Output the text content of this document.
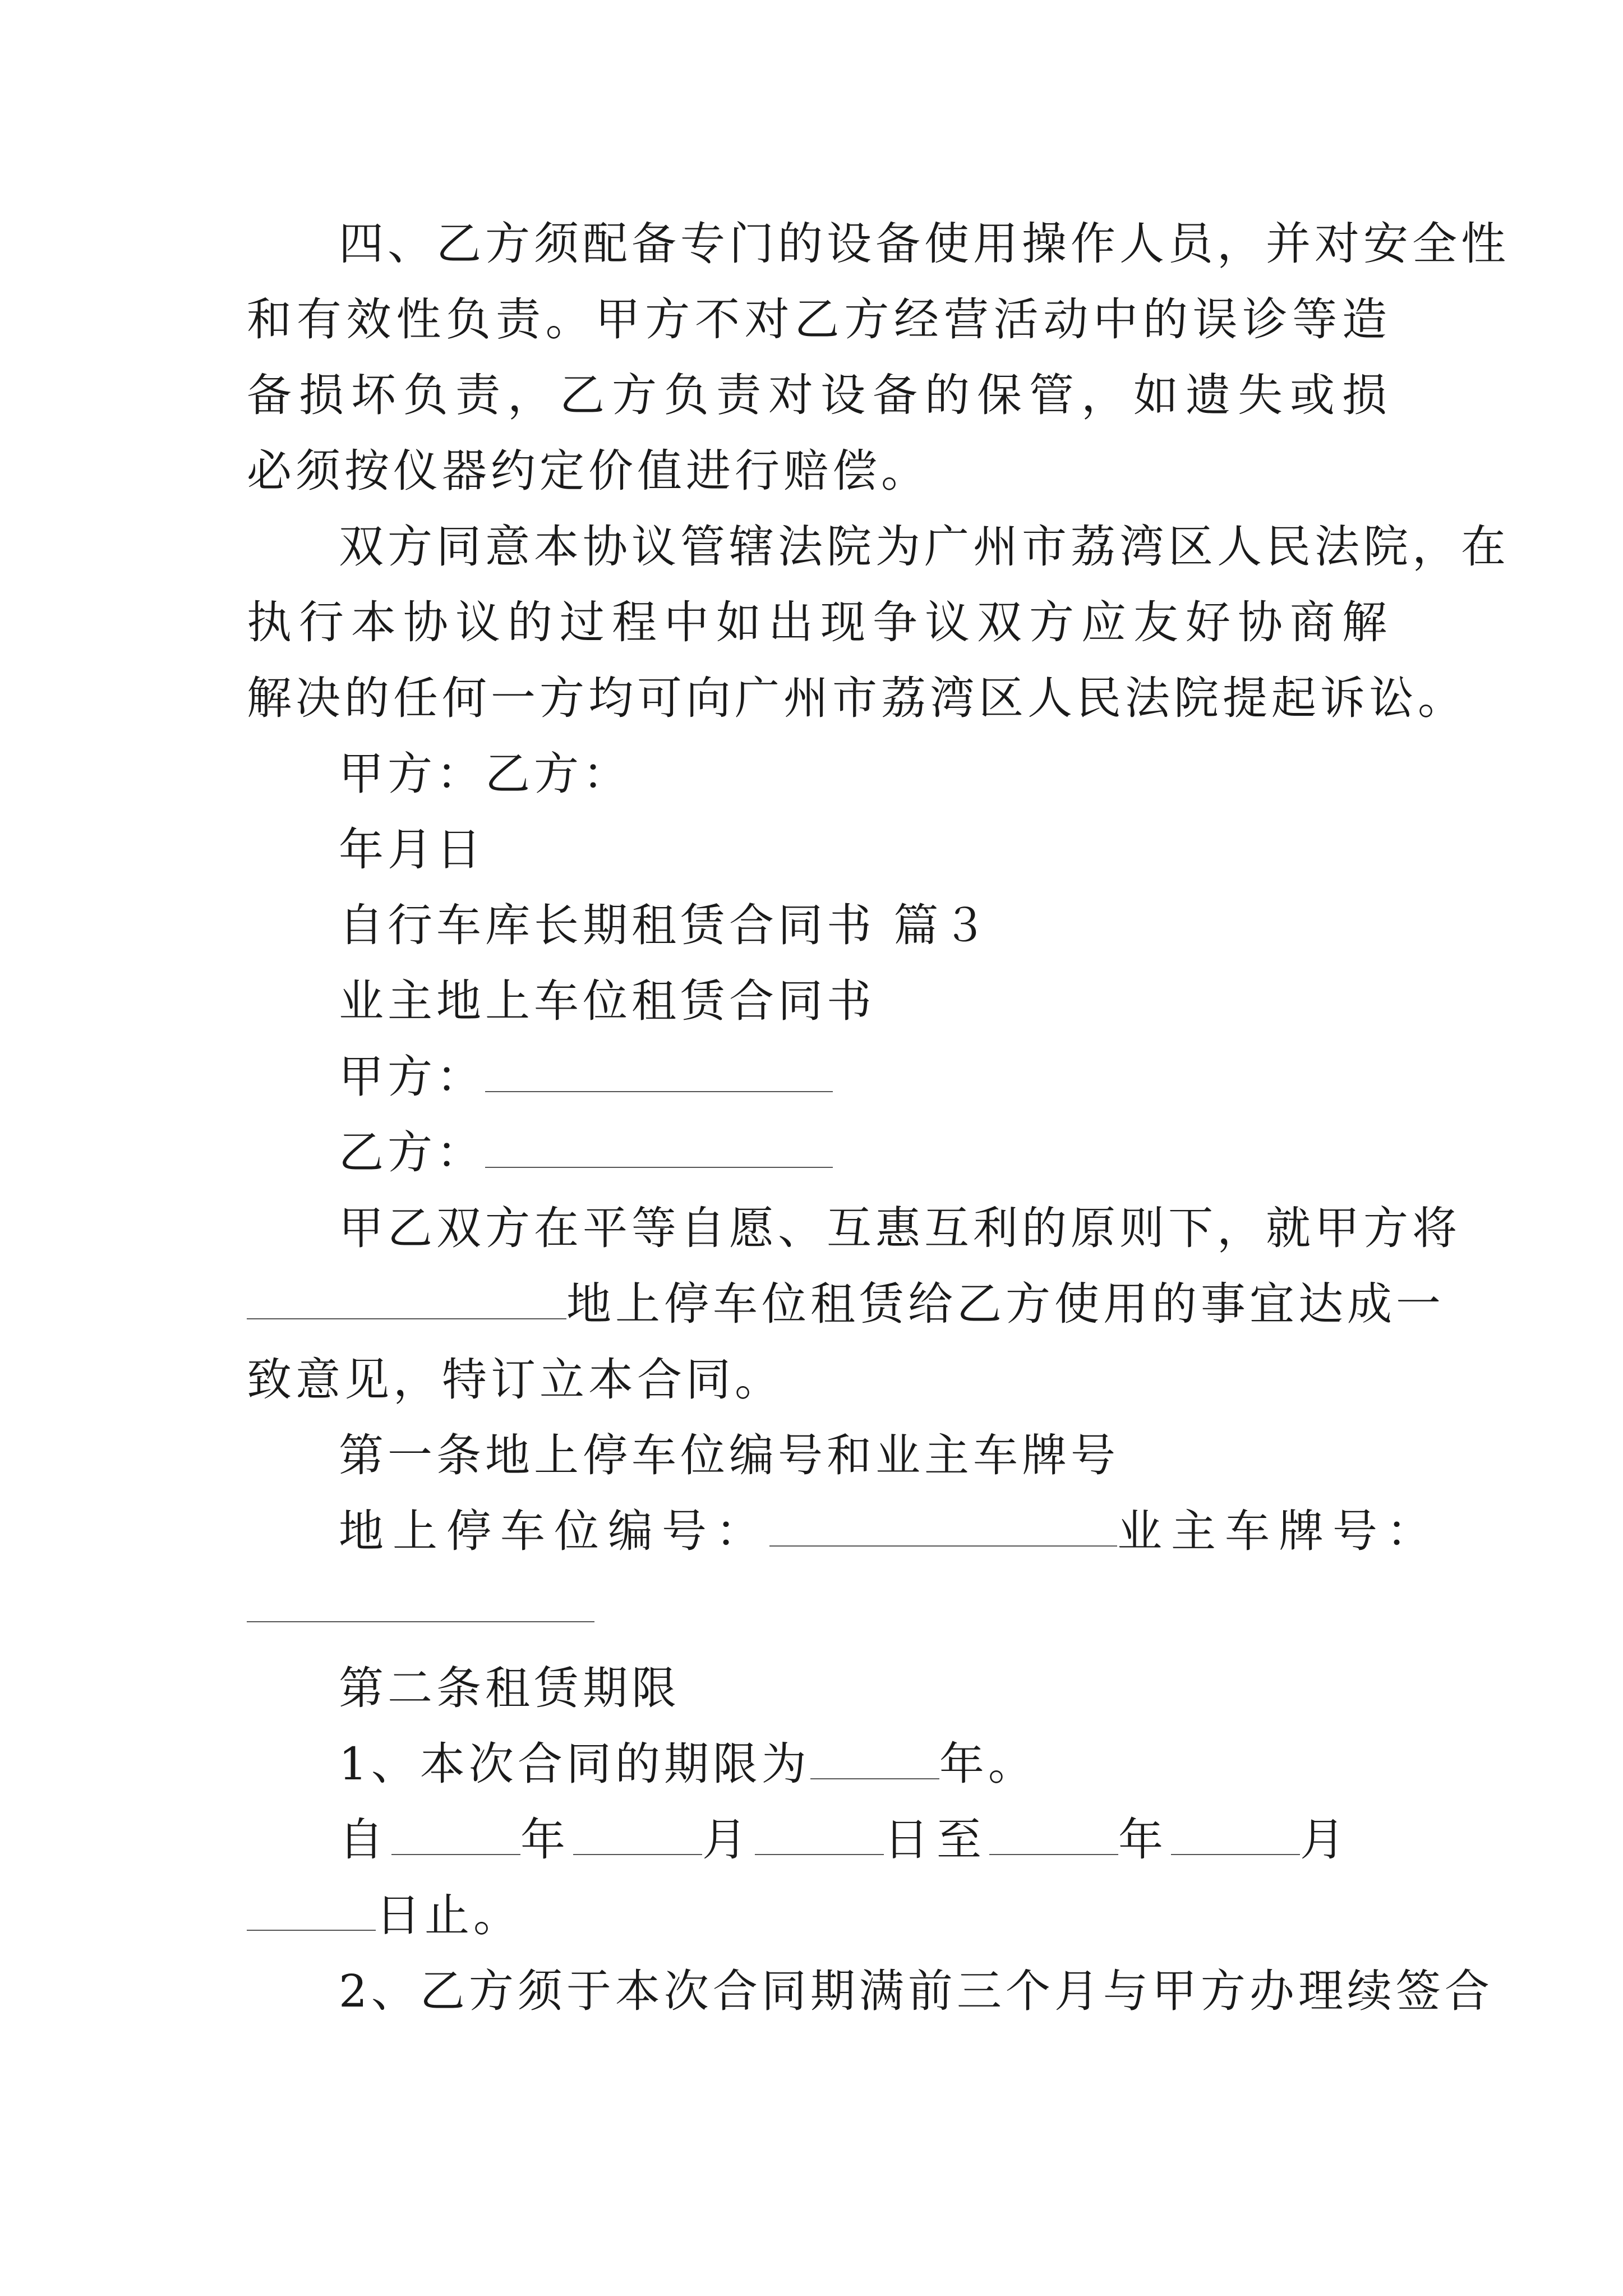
四、乙方须配备专门的设备使用操作人员，并对安全性
和有效性负责。甲方不对乙方经营活动中的误诊等造
备损坏负责，乙方负责对设备的保管，如遗失或损
必须按仪器约定价值进行赔偿。
双方同意本协议管辖法院为广州市荔湾区人民法院，在
执行本协议的过程中如出现争议双方应友好协商解
解决的任何一方均可向广州市荔湾区人民法院提起诉讼。
甲方：乙方：
年月日
自行车库长期租赁合同书 篇３
业主地上车位租赁合同书
甲方：
乙方：
甲乙双方在平等自愿、互惠互利的原则下，就甲方将
地上停车位租赁给乙方使用的事宜达成一
致意见，特订立本合同。
第一条地上停车位编号和业主车牌号
地上停车位编号：	业主车牌号：
第二条租赁期限
1、本次合同的期限为	年。
自	年	月	日至	年	月
日止。
2、乙方须于本次合同期满前三个月与甲方办理续签合
